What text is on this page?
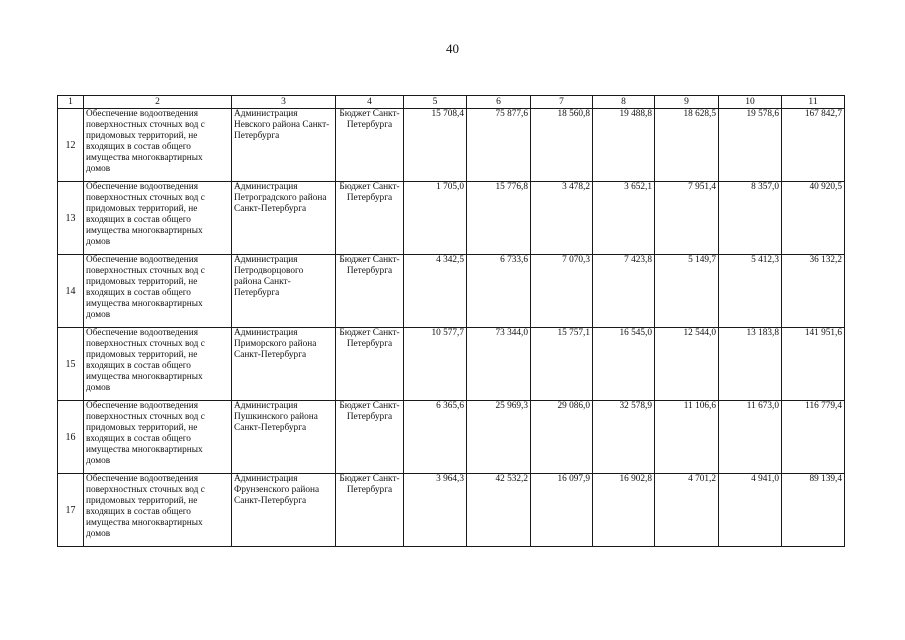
40
1	2	3	4	5	6	7	8	9	10	11
12	Обеспечение водоотведения поверхностных сточных вод с придомовых территорий, не входящих в состав общего имущества многоквартирных домов	Администрация Невского района Санкт-Петербурга	Бюджет Санкт-Петербурга	15 708,4	75 877,6	18 560,8	19 488,8	18 628,5	19 578,6	167 842,7
13	Обеспечение водоотведения поверхностных сточных вод с придомовых территорий, не входящих в состав общего имущества многоквартирных домов	Администрация Петроградского района Санкт-Петербурга	Бюджет Санкт-Петербурга	1 705,0	15 776,8	3 478,2	3 652,1	7 951,4	8 357,0	40 920,5
14	Обеспечение водоотведения поверхностных сточных вод с придомовых территорий, не входящих в состав общего имущества многоквартирных домов	Администрация Петродворцового района Санкт-Петербурга	Бюджет Санкт-Петербурга	4 342,5	6 733,6	7 070,3	7 423,8	5 149,7	5 412,3	36 132,2
15	Обеспечение водоотведения поверхностных сточных вод с придомовых территорий, не входящих в состав общего имущества многоквартирных домов	Администрация Приморского района Санкт-Петербурга	Бюджет Санкт-Петербурга	10 577,7	73 344,0	15 757,1	16 545,0	12 544,0	13 183,8	141 951,6
16	Обеспечение водоотведения поверхностных сточных вод с придомовых территорий, не входящих в состав общего имущества многоквартирных домов	Администрация Пушкинского района Санкт-Петербурга	Бюджет Санкт-Петербурга	6 365,6	25 969,3	29 086,0	32 578,9	11 106,6	11 673,0	116 779,4
17	Обеспечение водоотведения поверхностных сточных вод с придомовых территорий, не входящих в состав общего имущества многоквартирных домов	Администрация Фрунзенского района Санкт-Петербурга	Бюджет Санкт-Петербурга	3 964,3	42 532,2	16 097,9	16 902,8	4 701,2	4 941,0	89 139,4
